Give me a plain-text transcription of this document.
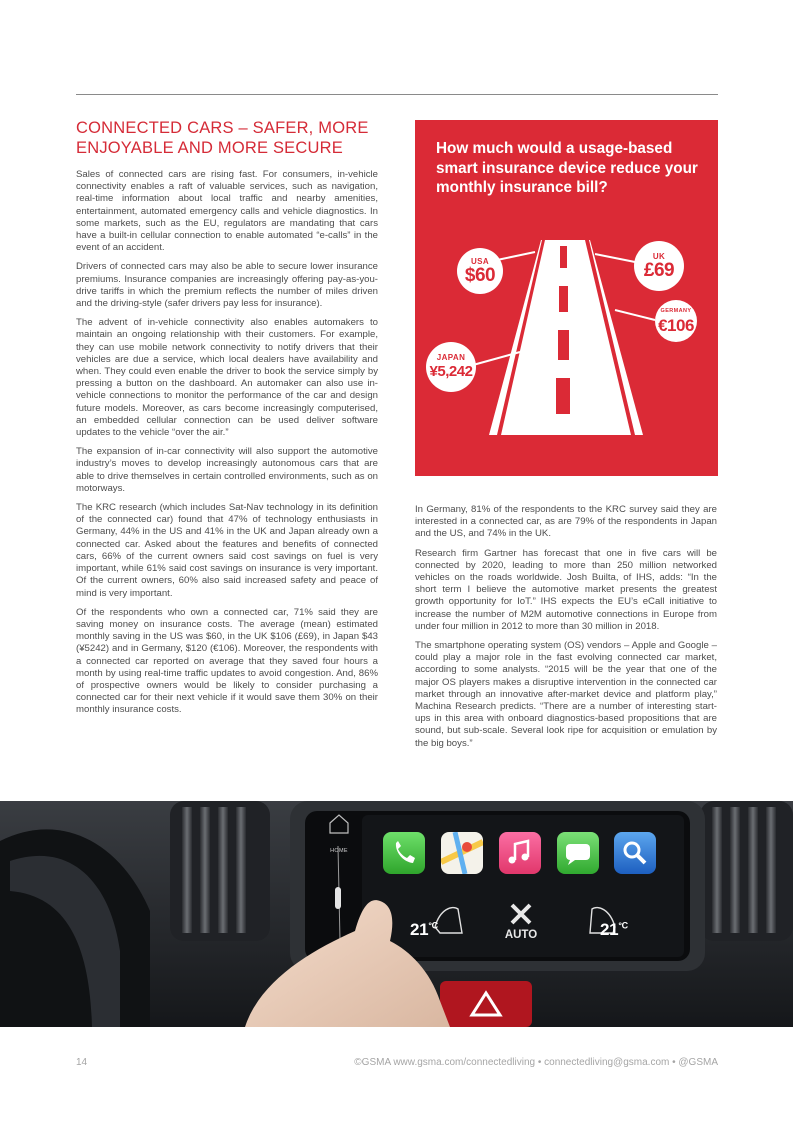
CONNECTED CARS – SAFER, MORE ENJOYABLE AND MORE SECURE

Sales of connected cars are rising fast. For consumers, in-vehicle connectivity enables a raft of valuable services, such as navigation, real-time information about local traffic and nearby amenities, entertainment, automated emergency calls and vehicle diagnostics. In some markets, such as the EU, regulators are mandating that cars have a built-in cellular connection to enable automated “e-calls” in the event of an accident.

Drivers of connected cars may also be able to secure lower insurance premiums. Insurance companies are increasingly offering pay-as-you-drive tariffs in which the premium reflects the number of miles driven and the driving-style (safer drivers pay less for insurance).

The advent of in-vehicle connectivity also enables automakers to maintain an ongoing relationship with their customers. For example, they can use mobile network connectivity to notify drivers that their vehicles are due a service, which local dealers have availability and when. They could even enable the driver to book the service simply by pressing a button on the dashboard. An automaker can also use in-vehicle connections to monitor the performance of the car and design future models. Moreover, as cars become increasingly computerised, an embedded cellular connection can be used deliver software updates to the vehicle “over the air.”

The expansion of in-car connectivity will also support the automotive industry’s moves to develop increasingly autonomous cars that are able to drive themselves in certain controlled environments, such as on motorways.

The KRC research (which includes Sat-Nav technology in its definition of the connected car) found that 47% of technology enthusiasts in Germany, 44% in the US and 41% in the UK and Japan already own a connected car. Asked about the features and benefits of connected cars, 66% of the current owners said cost savings on fuel is very important, while 61% said cost savings on insurance is very important. Of the current owners, 60% also said increased safety and peace of mind is very important.

Of the respondents who own a connected car, 71% said they are saving money on insurance costs. The average (mean) estimated monthly saving in the US was $60, in the UK $106 (£69), in Japan $43 (¥5242) and in Germany, $120 (€106). Moreover, the respondents with a connected car reported on average that they saved four hours a month by using real-time traffic updates to avoid congestion. And, 86% of prospective owners would be likely to consider purchasing a connected car for their next vehicle if it would save them 30% on their monthly insurance costs.

How much would a usage-based smart insurance device reduce your monthly insurance bill?
USA
$60
UK
£69
GERMANY
€106
JAPAN
¥5,242

In Germany, 81% of the respondents to the KRC survey said they are interested in a connected car, as are 79% of the respondents in Japan and the US, and 74% in the UK.

Research firm Gartner has forecast that one in five cars will be connected by 2020, leading to more than 250 million networked vehicles on the roads worldwide. Josh Builta, of IHS, adds: “In the short term I believe the automotive market presents the greatest growth opportunity for IoT.” IHS expects the EU’s eCall initiative to increase the number of M2M automotive connections in Europe from under four million in 2012 to more than 30 million in 2018.

The smartphone operating system (OS) vendors – Apple and Google – could play a major role in the fast evolving connected car market, according to some analysts. “2015 will be the year that one of the major OS players makes a disruptive intervention in the connected car market through an innovative after-market device and platform play,” Machina Research predicts. “There are a number of interesting start-ups in this area with onboard diagnostics-based propositions that are sound, but sub-scale. Several look ripe for acquisition or emulation by the big boys.”

HOME
$21^{^\circ C}$
AUTO	$21^{^\circ C}$
14	©GSMA www.gsma.com/connectedliving • connectedliving@gsma.com • @GSMA
